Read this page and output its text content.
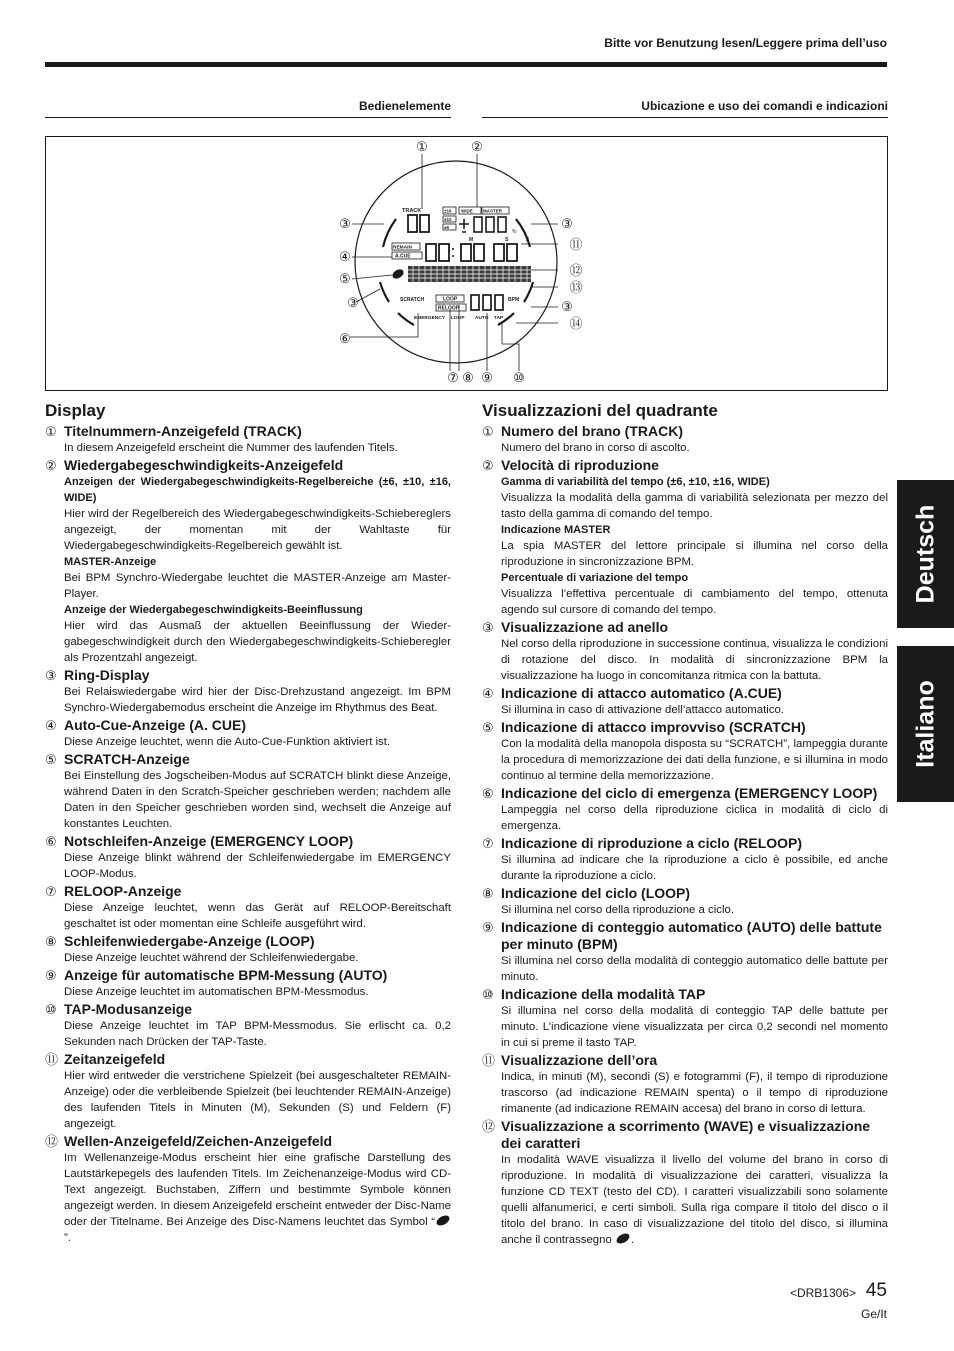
Bitte vor Benutzung lesen/Leggere prima dell’uso
Bedienelemente	Ubicazione e uso dei comandi e indicazioni
TRACK	±16 WIDE MASTER
±10
±6
%
REMAIN
A.CUE
M	S	F
SCRATCH	LOOP
RELOOP
BPM
EMERGENCY LOOP AUTO TAP
①	②
③
④
⑤
③
⑥
⑦ ⑧ ⑨ ⑩
③
⑪
⑫
⑬
③
⑭
Display
① Titelnummern-Anzeigefeld (TRACK)
In diesem Anzeigefeld erscheint die Nummer des laufenden Titels.
② Wiedergabegeschwindigkeits-Anzeigefeld
Anzeigen der Wiedergabegeschwindigkeits-Regelbereiche (±6, ±10, ±16, WIDE)
Hier wird der Regelbereich des Wiedergabegeschwindigkeits-Schiebereglers angezeigt, der momentan mit der Wahltaste für Wiedergabegeschwindigkeits-Regelbereich gewählt ist.
MASTER-Anzeige
Bei BPM Synchro-Wiedergabe leuchtet die MASTER-Anzeige am Master-Player.
Anzeige der Wiedergabegeschwindigkeits-Beeinflussung
Hier wird das Ausmaß der aktuellen Beeinflussung der Wieder-gabegeschwindigkeit durch den Wiedergabegeschwindigkeits-Schieberegler als Prozentzahl angezeigt.
③ Ring-Display
Bei Relaiswiedergabe wird hier der Disc-Drehzustand angezeigt. Im BPM Synchro-Wiedergabemodus erscheint die Anzeige im Rhythmus des Beat.
④ Auto-Cue-Anzeige (A. CUE)
Diese Anzeige leuchtet, wenn die Auto-Cue-Funktion aktiviert ist.
⑤ SCRATCH-Anzeige
Bei Einstellung des Jogscheiben-Modus auf SCRATCH blinkt diese Anzeige, während Daten in den Scratch-Speicher geschrieben werden; nachdem alle Daten in den Speicher geschrieben worden sind, wechselt die Anzeige auf konstantes Leuchten.
⑥ Notschleifen-Anzeige (EMERGENCY LOOP)
Diese Anzeige blinkt während der Schleifenwiedergabe im EMERGENCY LOOP-Modus.
⑦ RELOOP-Anzeige
Diese Anzeige leuchtet, wenn das Gerät auf RELOOP-Bereitschaft geschaltet ist oder momentan eine Schleife ausgeführt wird.
⑧ Schleifenwiedergabe-Anzeige (LOOP)
Diese Anzeige leuchtet während der Schleifenwiedergabe.
⑨ Anzeige für automatische BPM-Messung (AUTO)
Diese Anzeige leuchtet im automatischen BPM-Messmodus.
⑩ TAP-Modusanzeige
Diese Anzeige leuchtet im TAP BPM-Messmodus. Sie erlischt ca. 0,2 Sekunden nach Drücken der TAP-Taste.
⑪ Zeitanzeigefeld
Hier wird entweder die verstrichene Spielzeit (bei ausgeschalteter REMAIN-Anzeige) oder die verbleibende Spielzeit (bei leuchtender REMAIN-Anzeige) des laufenden Titels in Minuten (M), Sekunden (S) und Feldern (F) angezeigt.
⑫ Wellen-Anzeigefeld/Zeichen-Anzeigefeld
Im Wellenanzeige-Modus erscheint hier eine grafische Darstellung des Lautstärkepegels des laufenden Titels. Im Zeichenanzeige-Modus wird CD-Text angezeigt. Buchstaben, Ziffern und bestimmte Symbole können angezeigt werden. In diesem Anzeigefeld erscheint entweder der Disc-Name oder der Titelname. Bei Anzeige des Disc-Namens leuchtet das Symbol “”.
Visualizzazioni del quadrante
① Numero del brano (TRACK)
Numero del brano in corso di ascolto.
② Velocità di riproduzione
Gamma di variabilità del tempo (±6, ±10, ±16, WIDE)
Visualizza la modalità della gamma di variabilità selezionata per mezzo del tasto della gamma di comando del tempo.
Indicazione MASTER
La spia MASTER del lettore principale si illumina nel corso della riproduzione in sincronizzazione BPM.
Percentuale di variazione del tempo
Visualizza l’effettiva percentuale di cambiamento del tempo, ottenuta agendo sul cursore di comando del tempo.
③ Visualizzazione ad anello
Nel corso della riproduzione in successione continua, visualizza le condizioni di rotazione del disco. In modalità di sincronizzazione BPM la visualizzazione ha luogo in concomitanza ritmica con la battuta.
④ Indicazione di attacco automatico (A.CUE)
Si illumina in caso di attivazione dell’attacco automatico.
⑤ Indicazione di attacco improvviso (SCRATCH)
Con la modalità della manopola disposta su “SCRATCH”, lampeggia durante la procedura di memorizzazione dei dati della funzione, e si illumina in modo continuo al termine della memorizzazione.
⑥ Indicazione del ciclo di emergenza (EMERGENCY LOOP)
Lampeggia nel corso della riproduzione ciclica in modalità di ciclo di emergenza.
⑦ Indicazione di riproduzione a ciclo (RELOOP)
Si illumina ad indicare che la riproduzione a ciclo è possibile, ed anche durante la riproduzione a ciclo.
⑧ Indicazione del ciclo (LOOP)
Si illumina nel corso della riproduzione a ciclo.
⑨ Indicazione di conteggio automatico (AUTO) delle battute per minuto (BPM)
Si illumina nel corso della modalità di conteggio automatico delle battute per minuto.
⑩ Indicazione della modalità TAP
Si illumina nel corso della modalità di conteggio TAP delle battute per minuto. L’indicazione viene visualizzata per circa 0,2 secondi nel momento in cui si preme il tasto TAP.
⑪ Visualizzazione dell’ora
Indica, in minuti (M), secondi (S) e fotogrammi (F), il tempo di riproduzione trascorso (ad indicazione REMAIN spenta) o il tempo di riproduzione rimanente (ad indicazione REMAIN accesa) del brano in corso di lettura.
⑫ Visualizzazione a scorrimento (WAVE) e visualizzazione dei caratteri
In modalità WAVE visualizza il livello del volume del brano in corso di riproduzione. In modalità di visualizzazione dei caratteri, visualizza la funzione CD TEXT (testo del CD). I caratteri visualizzabili sono solamente quelli alfanumerici, e certi simboli. Sulla riga compare il titolo del disco o il titolo del brano. In caso di visualizzazione del titolo del disco, si illumina anche il contrassegno .
Deutsch
Italiano
<DRB1306> 45
Ge/It
